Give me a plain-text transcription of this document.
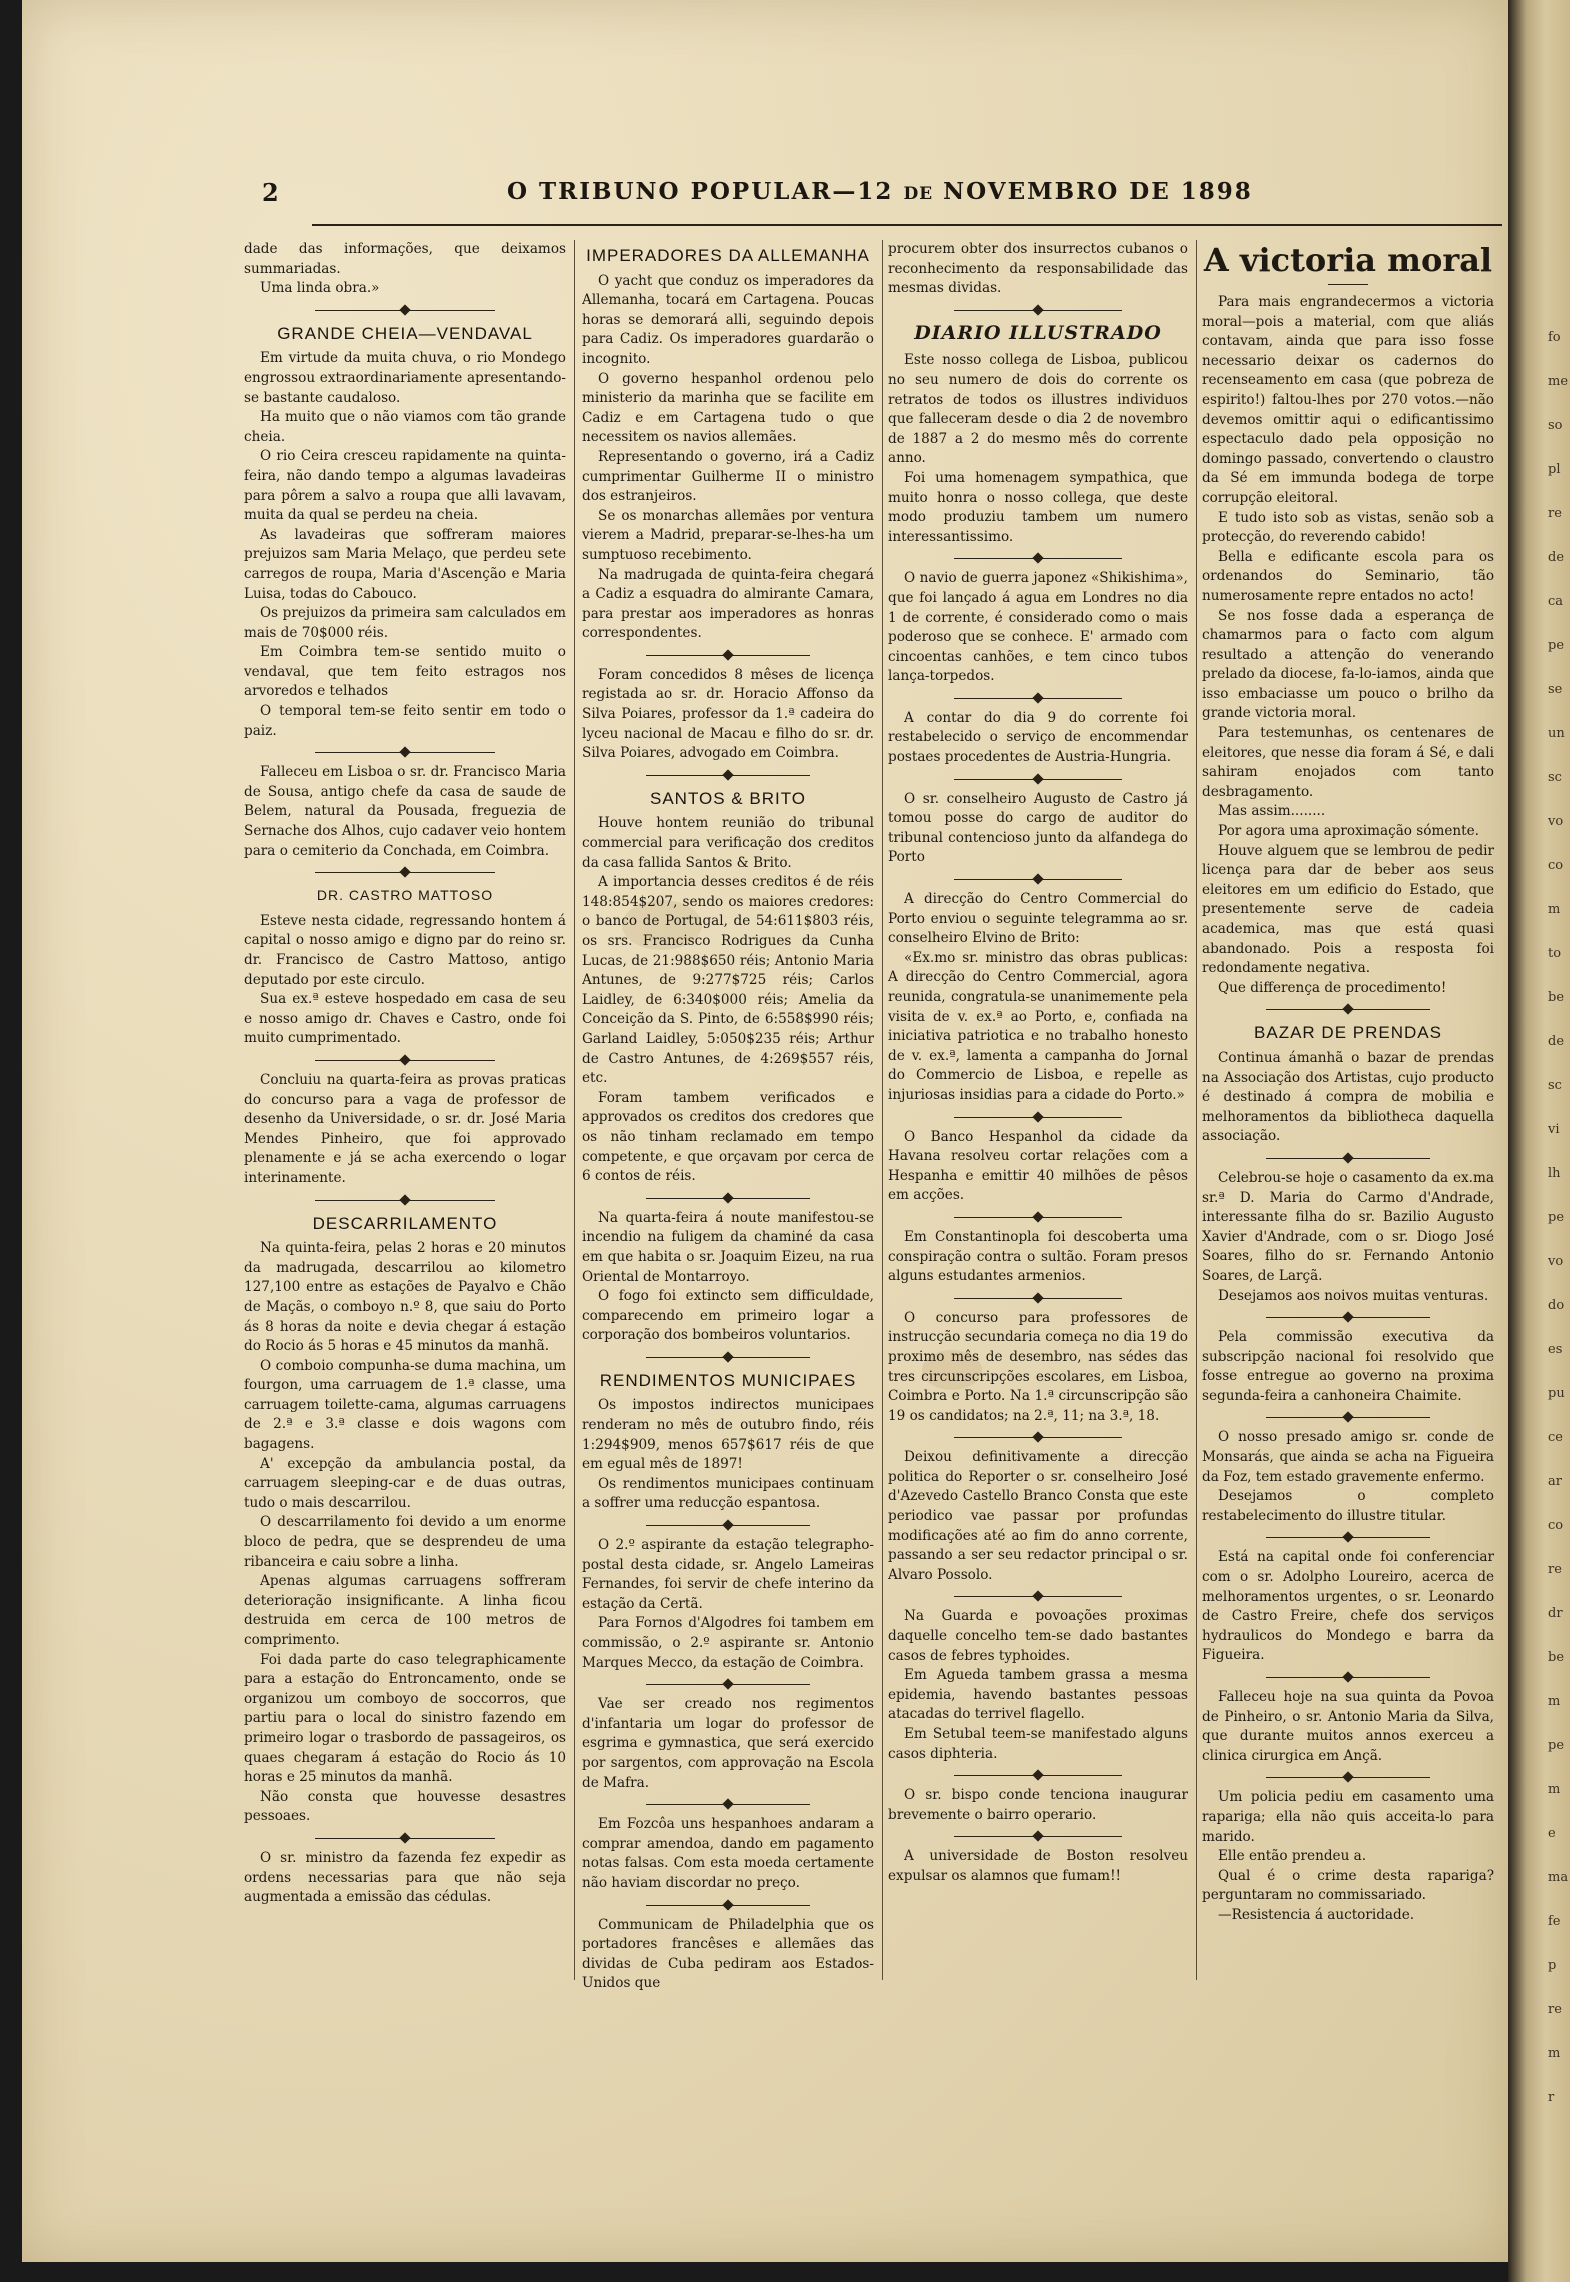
2	O TRIBUNO POPULAR—12 DE NOVEMBRO DE 1898

dade das informações, que deixamos summariadas.

Uma linda obra.»

GRANDE CHEIA—VENDAVAL

Em virtude da muita chuva, o rio Mondego engrossou extraordinariamente apresentando-se bastante caudaloso.

Ha muito que o não viamos com tão grande cheia.

O rio Ceira cresceu rapidamente na quinta-feira, não dando tempo a algumas lavadeiras para pôrem a salvo a roupa que alli lavavam, muita da qual se perdeu na cheia.

As lavadeiras que soffreram maiores prejuizos sam Maria Melaço, que perdeu sete carregos de roupa, Maria d'Ascenção e Maria Luisa, todas do Cabouco.

Os prejuizos da primeira sam calculados em mais de 70$000 réis.

Em Coimbra tem-se sentido muito o vendaval, que tem feito estragos nos arvoredos e telhados

O temporal tem-se feito sentir em todo o paiz.

Falleceu em Lisboa o sr. dr. Francisco Maria de Sousa, antigo chefe da casa de saude de Belem, natural da Pousada, freguezia de Sernache dos Alhos, cujo cadaver veio hontem para o cemiterio da Conchada, em Coimbra.

DR. CASTRO MATTOSO

Esteve nesta cidade, regressando hontem á capital o nosso amigo e digno par do reino sr. dr. Francisco de Castro Mattoso, antigo deputado por este circulo.

Sua ex.ª esteve hospedado em casa de seu e nosso amigo dr. Chaves e Castro, onde foi muito cumprimentado.

Concluiu na quarta-feira as provas praticas do concurso para a vaga de professor de desenho da Universidade, o sr. dr. José Maria Mendes Pinheiro, que foi approvado plenamente e já se acha exercendo o logar interinamente.

DESCARRILAMENTO

Na quinta-feira, pelas 2 horas e 20 minutos da madrugada, descarrilou ao kilometro 127,100 entre as estações de Payalvo e Chão de Maçãs, o comboyo n.º 8, que saiu do Porto ás 8 horas da noite e devia chegar á estação do Rocio ás 5 horas e 45 minutos da manhã.

O comboio compunha-se duma machina, um fourgon, uma carruagem de 1.ª classe, uma carruagem toilette-cama, algumas carruagens de 2.ª e 3.ª classe e dois wagons com bagagens.

A' excepção da ambulancia postal, da carruagem sleeping-car e de duas outras, tudo o mais descarrilou.

O descarrilamento foi devido a um enorme bloco de pedra, que se desprendeu de uma ribanceira e caiu sobre a linha.

Apenas algumas carruagens soffreram deterioração insignificante. A linha ficou destruida em cerca de 100 metros de comprimento.

Foi dada parte do caso telegraphicamente para a estação do Entroncamento, onde se organizou um comboyo de soccorros, que partiu para o local do sinistro fazendo em primeiro logar o trasbordo de passageiros, os quaes chegaram á estação do Rocio ás 10 horas e 25 minutos da manhã.

Não consta que houvesse desastres pessoaes.

O sr. ministro da fazenda fez expedir as ordens necessarias para que não seja augmentada a emissão das cédulas.

IMPERADORES DA ALLEMANHA

O yacht que conduz os imperadores da Allemanha, tocará em Cartagena. Poucas horas se demorará alli, seguindo depois para Cadiz. Os imperadores guardarão o incognito.

O governo hespanhol ordenou pelo ministerio da marinha que se facilite em Cadiz e em Cartagena tudo o que necessitem os navios allemães.

Representando o governo, irá a Cadiz cumprimentar Guilherme II o ministro dos estranjeiros.

Se os monarchas allemães por ventura vierem a Madrid, preparar-se-lhes-ha um sumptuoso recebimento.

Na madrugada de quinta-feira chegará a Cadiz a esquadra do almirante Camara, para prestar aos imperadores as honras correspondentes.

Foram concedidos 8 mêses de licença registada ao sr. dr. Horacio Affonso da Silva Poiares, professor da 1.ª cadeira do lyceu nacional de Macau e filho do sr. dr. Silva Poiares, advogado em Coimbra.

SANTOS & BRITO

Houve hontem reunião do tribunal commercial para verificação dos creditos da casa fallida Santos & Brito.

A importancia desses creditos é de réis 148:854$207, sendo os maiores credores: o banco de Portugal, de 54:611$803 réis, os srs. Francisco Rodrigues da Cunha Lucas, de 21:988$650 réis; Antonio Maria Antunes, de 9:277$725 réis; Carlos Laidley, de 6:340$000 réis; Amelia da Conceição da S. Pinto, de 6:558$990 réis; Garland Laidley, 5:050$235 réis; Arthur de Castro Antunes, de 4:269$557 réis, etc.

Foram tambem verificados e approvados os creditos dos credores que os não tinham reclamado em tempo competente, e que orçavam por cerca de 6 contos de réis.

Na quarta-feira á noute manifestou-se incendio na fuligem da chaminé da casa em que habita o sr. Joaquim Eizeu, na rua Oriental de Montarroyo.

O fogo foi extincto sem difficuldade, comparecendo em primeiro logar a corporação dos bombeiros voluntarios.

RENDIMENTOS MUNICIPAES

Os impostos indirectos municipaes renderam no mês de outubro findo, réis 1:294$909, menos 657$617 réis de que em egual mês de 1897!

Os rendimentos municipaes continuam a soffrer uma reducção espantosa.

O 2.º aspirante da estação telegrapho-postal desta cidade, sr. Angelo Lameiras Fernandes, foi servir de chefe interino da estação da Certã.

Para Fornos d'Algodres foi tambem em commissão, o 2.º aspirante sr. Antonio Marques Mecco, da estação de Coimbra.

Vae ser creado nos regimentos d'infantaria um logar do professor de esgrima e gymnastica, que será exercido por sargentos, com approvação na Escola de Mafra.

Em Fozcôa uns hespanhoes andaram a comprar amendoa, dando em pagamento notas falsas. Com esta moeda certamente não haviam discordar no preço.

Communicam de Philadelphia que os portadores francêses e allemães das dividas de Cuba pediram aos Estados-Unidos que

procurem obter dos insurrectos cubanos o reconhecimento da responsabilidade das mesmas dividas.

DIARIO ILLUSTRADO

Este nosso collega de Lisboa, publicou no seu numero de dois do corrente os retratos de todos os illustres individuos que falleceram desde o dia 2 de novembro de 1887 a 2 do mesmo mês do corrente anno.

Foi uma homenagem sympathica, que muito honra o nosso collega, que deste modo produziu tambem um numero interessantissimo.

O navio de guerra japonez «Shikishima», que foi lançado á agua em Londres no dia 1 de corrente, é considerado como o mais poderoso que se conhece. E' armado com cincoentas canhões, e tem cinco tubos lança-torpedos.

A contar do dia 9 do corrente foi restabelecido o serviço de encommendar postaes procedentes de Austria-Hungria.

O sr. conselheiro Augusto de Castro já tomou posse do cargo de auditor do tribunal contencioso junto da alfandega do Porto

A direcção do Centro Commercial do Porto enviou o seguinte telegramma ao sr. conselheiro Elvino de Brito:

«Ex.mo sr. ministro das obras publicas: A direcção do Centro Commercial, agora reunida, congratula-se unanimemente pela visita de v. ex.ª ao Porto, e, confiada na iniciativa patriotica e no trabalho honesto de v. ex.ª, lamenta a campanha do Jornal do Commercio de Lisboa, e repelle as injuriosas insidias para a cidade do Porto.»

O Banco Hespanhol da cidade da Havana resolveu cortar relações com a Hespanha e emittir 40 milhões de pêsos em acções.

Em Constantinopla foi descoberta uma conspiração contra o sultão. Foram presos alguns estudantes armenios.

O concurso para professores de instrucção secundaria começa no dia 19 do proximo mês de desembro, nas sédes das tres circunscripções escolares, em Lisboa, Coimbra e Porto. Na 1.ª circunscripção são 19 os candidatos; na 2.ª, 11; na 3.ª, 18.

Deixou definitivamente a direcção politica do Reporter o sr. conselheiro José d'Azevedo Castello Branco Consta que este periodico vae passar por profundas modificações até ao fim do anno corrente, passando a ser seu redactor principal o sr. Alvaro Possolo.

Na Guarda e povoações proximas daquelle concelho tem-se dado bastantes casos de febres typhoides.

Em Agueda tambem grassa a mesma epidemia, havendo bastantes pessoas atacadas do terrivel flagello.

Em Setubal teem-se manifestado alguns casos diphteria.

O sr. bispo conde tenciona inaugurar brevemente o bairro operario.

A universidade de Boston resolveu expulsar os alamnos que fumam!!

A victoria moral

Para mais engrandecermos a victoria moral—pois a material, com que aliás contavam, ainda que para isso fosse necessario deixar os cadernos do recenseamento em casa (que pobreza de espirito!) faltou-lhes por 270 votos.—não devemos omittir aqui o edificantissimo espectaculo dado pela opposição no domingo passado, convertendo o claustro da Sé em immunda bodega de torpe corrupção eleitoral.

E tudo isto sob as vistas, senão sob a protecção, do reverendo cabido!

Bella e edificante escola para os ordenandos do Seminario, tão numerosamente repre entados no acto!

Se nos fosse dada a esperança de chamarmos para o facto com algum resultado a attenção do venerando prelado da diocese, fa-lo-iamos, ainda que isso embaciasse um pouco o brilho da grande victoria moral.

Para testemunhas, os centenares de eleitores, que nesse dia foram á Sé, e dali sahiram enojados com tanto desbragamento.

Mas assim........

Por agora uma aproximação sómente.

Houve alguem que se lembrou de pedir licença para dar de beber aos seus eleitores em um edificio do Estado, que presentemente serve de cadeia academica, mas que está quasi abandonado. Pois a resposta foi redondamente negativa.

Que differença de procedimento!

BAZAR DE PRENDAS

Continua ámanhã o bazar de prendas na Associação dos Artistas, cujo producto é destinado á compra de mobilia e melhoramentos da bibliotheca daquella associação.

Celebrou-se hoje o casamento da ex.ma sr.ª D. Maria do Carmo d'Andrade, interessante filha do sr. Bazilio Augusto Xavier d'Andrade, com o sr. Diogo José Soares, filho do sr. Fernando Antonio Soares, de Larçã.

Desejamos aos noivos muitas venturas.

Pela commissão executiva da subscripção nacional foi resolvido que fosse entregue ao governo na proxima segunda-feira a canhoneira Chaimite.

O nosso presado amigo sr. conde de Monsarás, que ainda se acha na Figueira da Foz, tem estado gravemente enfermo.

Desejamos o completo restabelecimento do illustre titular.

Está na capital onde foi conferenciar com o sr. Adolpho Loureiro, acerca de melhoramentos urgentes, o sr. Leonardo de Castro Freire, chefe dos serviços hydraulicos do Mondego e barra da Figueira.

Falleceu hoje na sua quinta da Povoa de Pinheiro, o sr. Antonio Maria da Silva, que durante muitos annos exerceu a clinica cirurgica em Ançã.

Um policia pediu em casamento uma rapariga; ella não quis acceita-lo para marido.

Elle então prendeu a.

Qual é o crime desta rapariga? perguntaram no commissariado.

—Resistencia á auctoridade.

fo
me
so
pl
re
de
ca
pe
se
un
sc
vo
co
m
to
be
de
sc
vi
lh
pe
vo
do
es
pu
ce
ar
co
re
dr
be
m
pe
m
e
ma
fe
p
re
m
r
